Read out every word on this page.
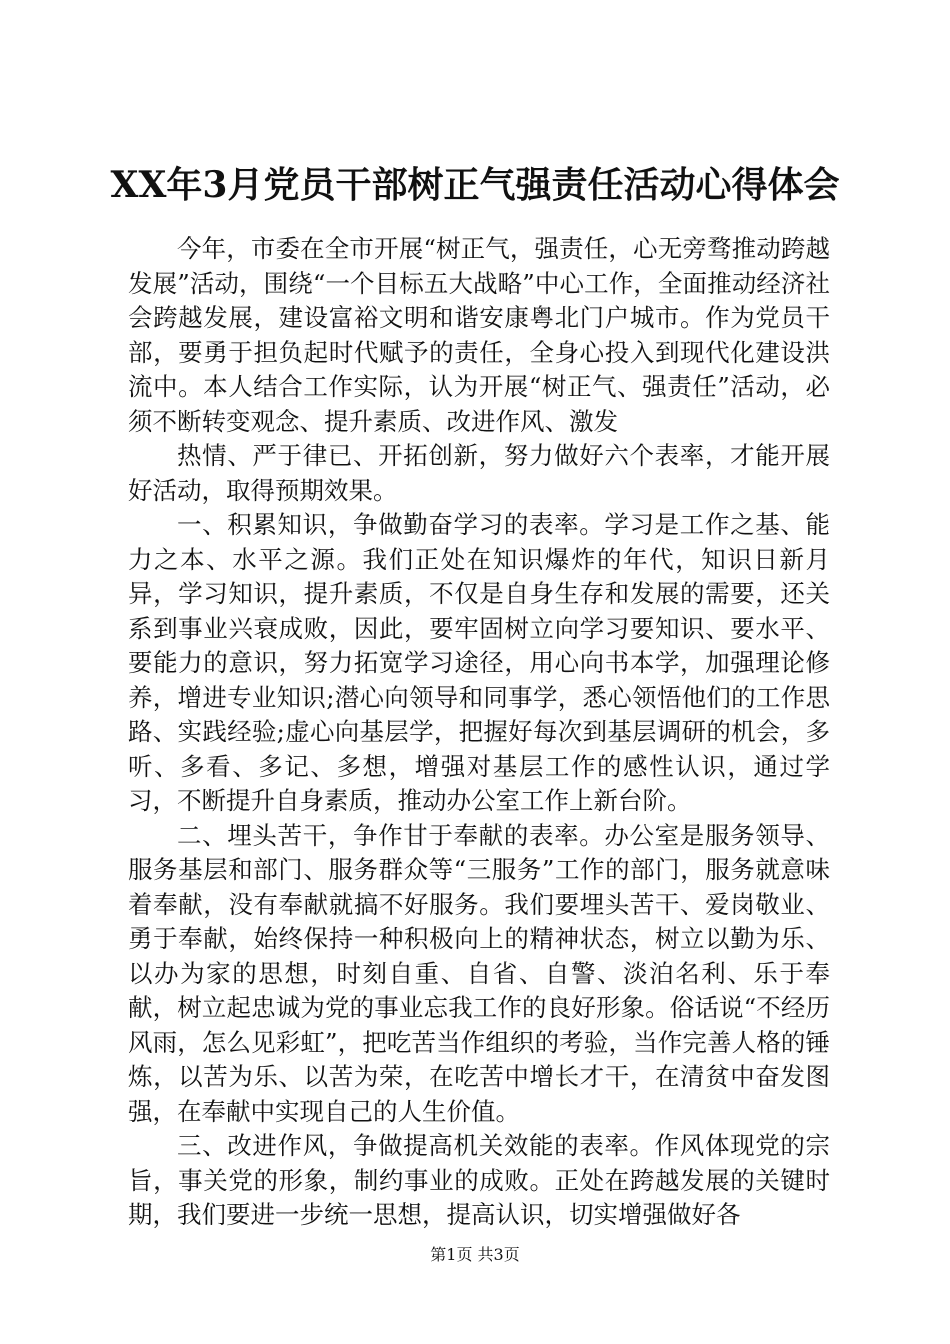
XX年3月党员干部树正气强责任活动心得体会

今年，市委在全市开展“树正气，强责任，心无旁骛推动跨越发展”活动，围绕“一个目标五大战略”中心工作，全面推动经济社会跨越发展，建设富裕文明和谐安康粤北门户城市。作为党员干部，要勇于担负起时代赋予的责任，全身心投入到现代化建设洪流中。本人结合工作实际，认为开展“树正气、强责任”活动，必须不断转变观念、提升素质、改进作风、激发

热情、严于律已、开拓创新，努力做好六个表率，才能开展好活动，取得预期效果。

一、积累知识，争做勤奋学习的表率。学习是工作之基、能力之本、水平之源。我们正处在知识爆炸的年代，知识日新月异，学习知识，提升素质，不仅是自身生存和发展的需要，还关系到事业兴衰成败，因此，要牢固树立向学习要知识、要水平、要能力的意识，努力拓宽学习途径，用心向书本学，加强理论修养，增进专业知识;潜心向领导和同事学，悉心领悟他们的工作思路、实践经验;虚心向基层学，把握好每次到基层调研的机会，多听、多看、多记、多想，增强对基层工作的感性认识，通过学习，不断提升自身素质，推动办公室工作上新台阶。

二、埋头苦干，争作甘于奉献的表率。办公室是服务领导、服务基层和部门、服务群众等“三服务”工作的部门，服务就意味着奉献，没有奉献就搞不好服务。我们要埋头苦干、爱岗敬业、勇于奉献，始终保持一种积极向上的精神状态，树立以勤为乐、以办为家的思想，时刻自重、自省、自警、淡泊名利、乐于奉献，树立起忠诚为党的事业忘我工作的良好形象。俗话说“不经历风雨，怎么见彩虹”，把吃苦当作组织的考验，当作完善人格的锤炼，以苦为乐、以苦为荣，在吃苦中增长才干，在清贫中奋发图强，在奉献中实现自己的人生价值。

三、改进作风，争做提高机关效能的表率。作风体现党的宗旨，事关党的形象，制约事业的成败。正处在跨越发展的关键时期，我们要进一步统一思想，提高认识，切实增强做好各

第1页 共3页
